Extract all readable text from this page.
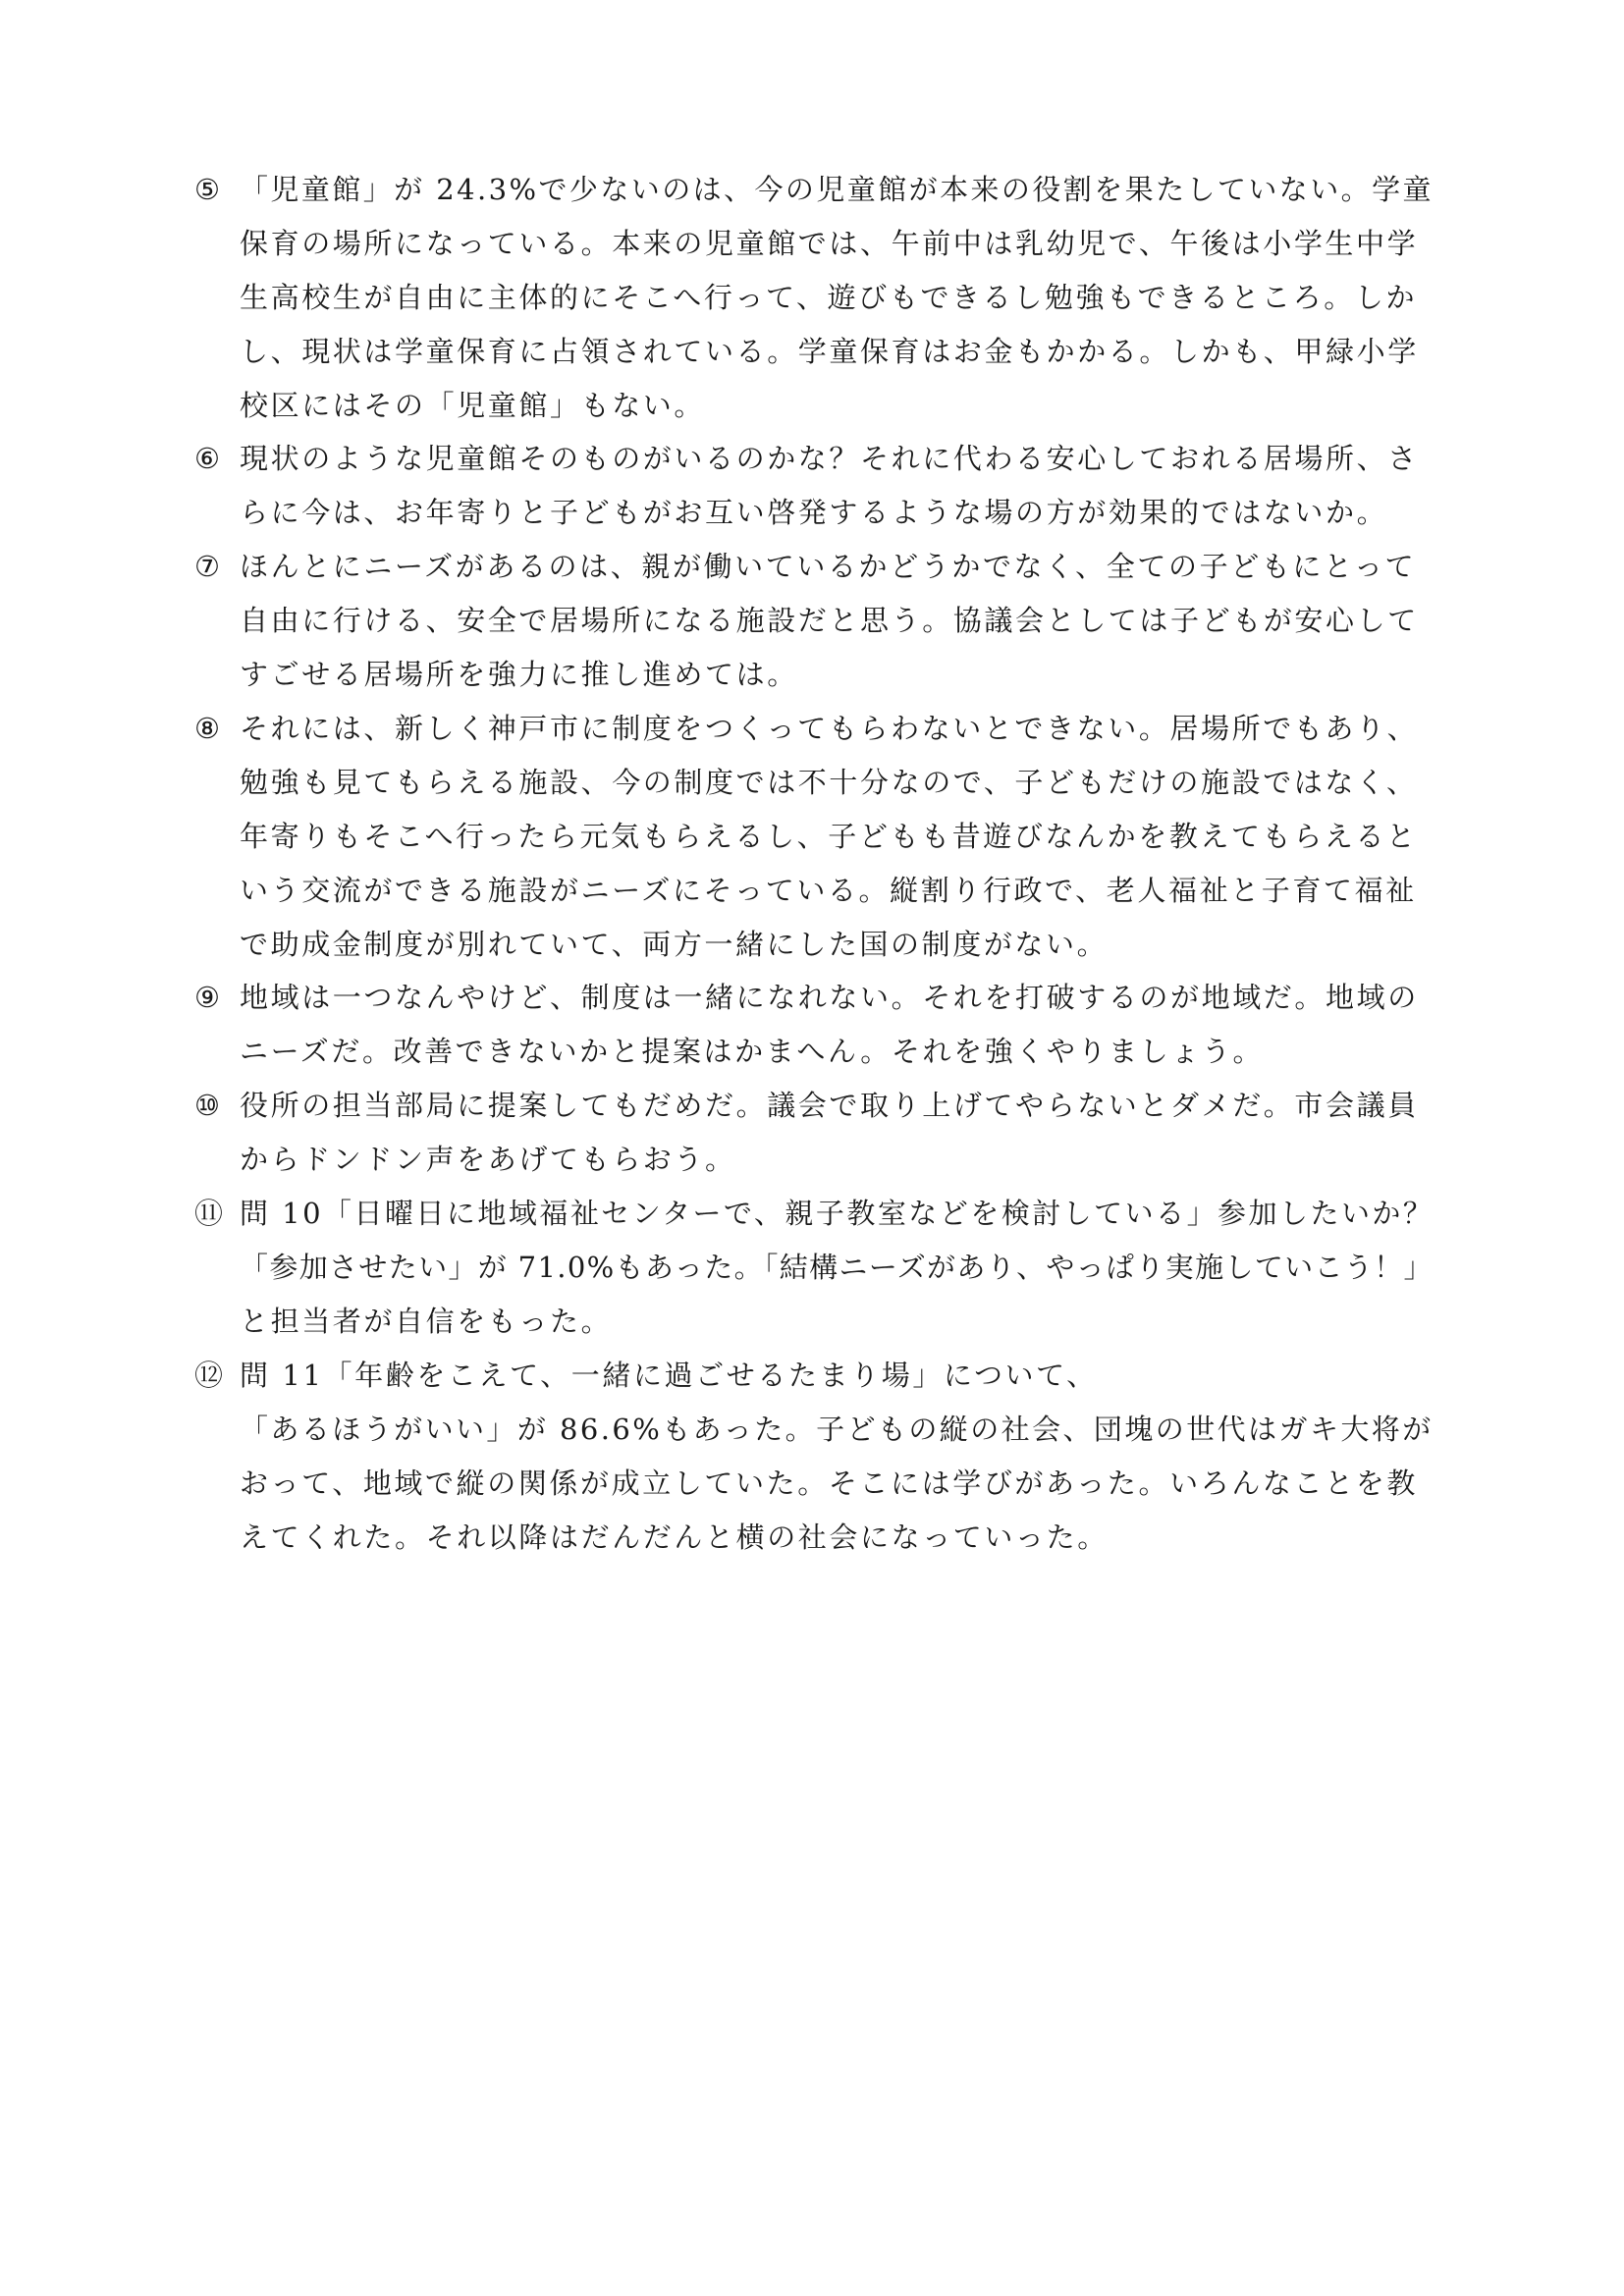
⑤ 「児童館」が 24.3%で少ないのは、今の児童館が本来の役割を果たしていない。学童
保育の場所になっている。本来の児童館では、午前中は乳幼児で、午後は小学生中学
生高校生が自由に主体的にそこへ行って、遊びもできるし勉強もできるところ。しか
し、現状は学童保育に占領されている。学童保育はお金もかかる。しかも、甲緑小学
校区にはその「児童館」もない。
⑥ 現状のような児童館そのものがいるのかな？それに代わる安心しておれる居場所、さ
らに今は、お年寄りと子どもがお互い啓発するような場の方が効果的ではないか。
⑦ ほんとにニーズがあるのは、親が働いているかどうかでなく、全ての子どもにとって
自由に行ける、安全で居場所になる施設だと思う。協議会としては子どもが安心して
すごせる居場所を強力に推し進めては。
⑧ それには、新しく神戸市に制度をつくってもらわないとできない。居場所でもあり、
勉強も見てもらえる施設、今の制度では不十分なので、子どもだけの施設ではなく、
年寄りもそこへ行ったら元気もらえるし、子どもも昔遊びなんかを教えてもらえると
いう交流ができる施設がニーズにそっている。縦割り行政で、老人福祉と子育て福祉
で助成金制度が別れていて、両方一緒にした国の制度がない。
⑨ 地域は一つなんやけど、制度は一緒になれない。それを打破するのが地域だ。地域の
ニーズだ。改善できないかと提案はかまへん。それを強くやりましょう。
⑩ 役所の担当部局に提案してもだめだ。議会で取り上げてやらないとダメだ。市会議員
からドンドン声をあげてもらおう。
⑪ 問 10「日曜日に地域福祉センターで、親子教室などを検討している」参加したいか？
「参加させたい」が 71.0%もあった。「結構ニーズがあり、やっぱり実施していこう！」
と担当者が自信をもった。
⑫ 問 11「年齢をこえて、一緒に過ごせるたまり場」について、
「あるほうがいい」が 86.6%もあった。子どもの縦の社会、団塊の世代はガキ大将が
おって、地域で縦の関係が成立していた。そこには学びがあった。いろんなことを教
えてくれた。それ以降はだんだんと横の社会になっていった。
